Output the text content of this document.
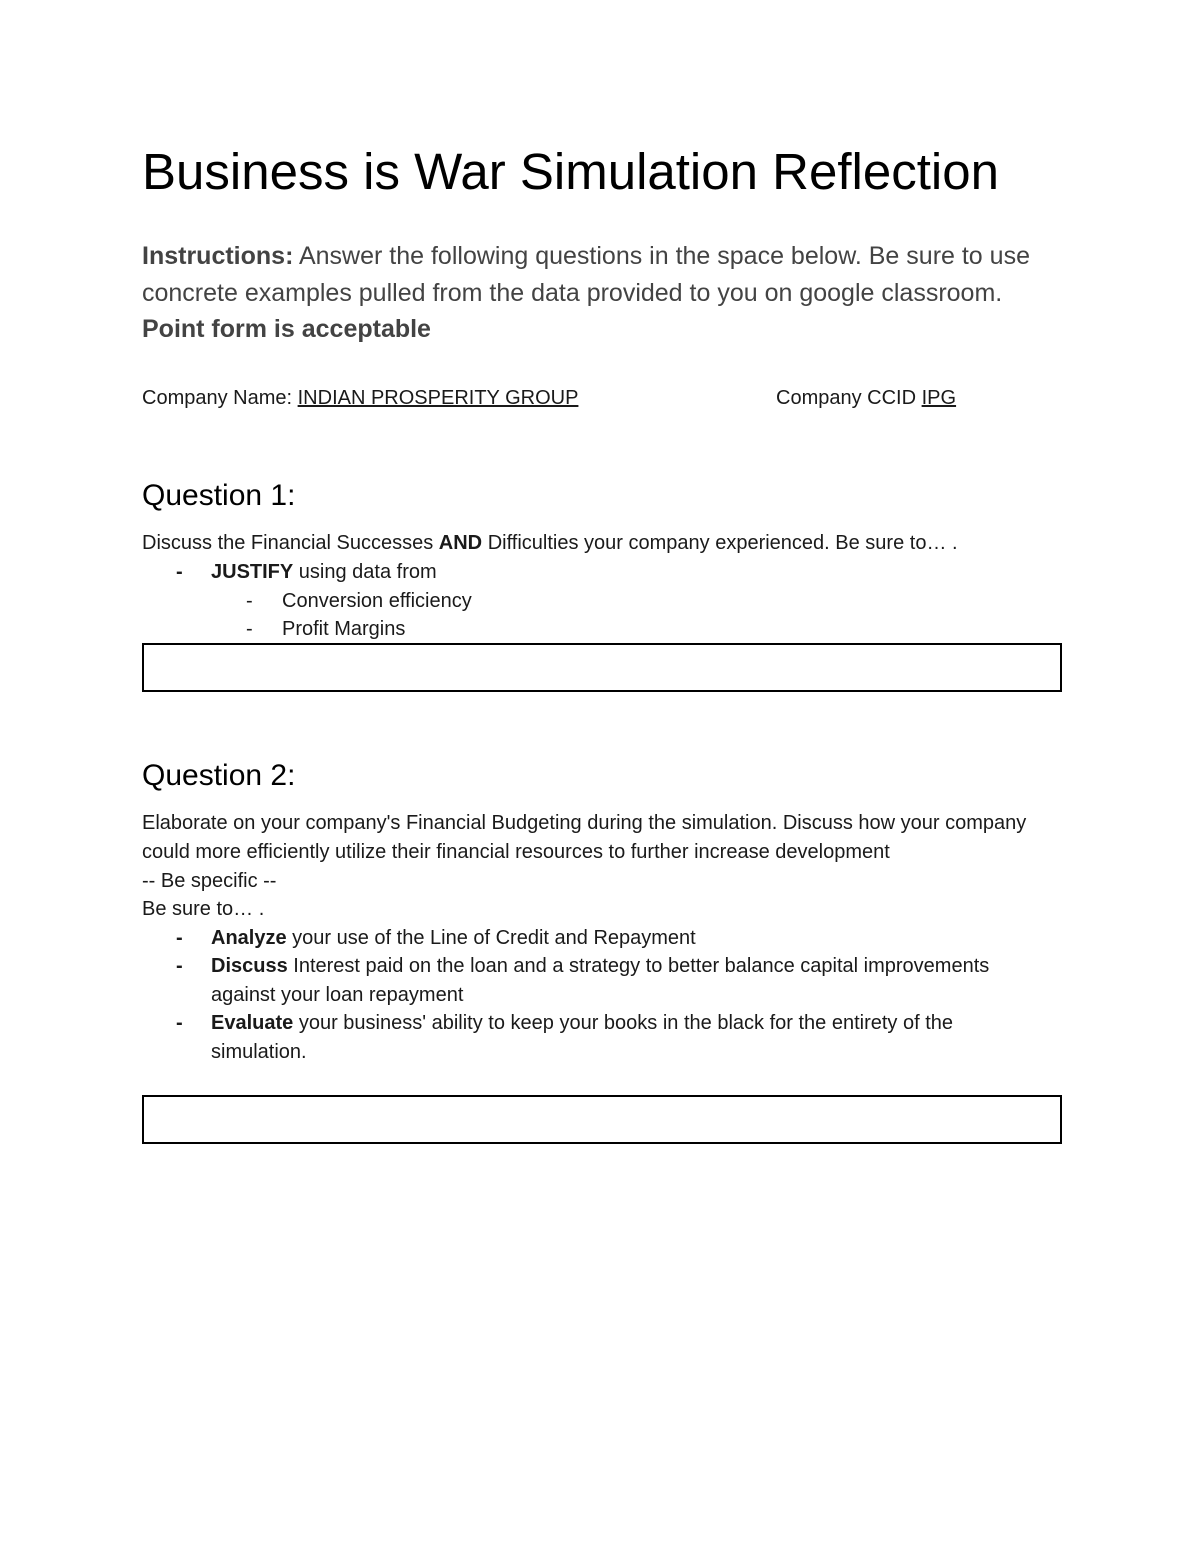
Business is War Simulation Reflection

Instructions: Answer the following questions in the space below. Be sure to use concrete examples pulled from the data provided to you on google classroom. Point form is acceptable

Company Name: INDIAN PROSPERITY GROUP	Company CCID IPG
Question 1:

Discuss the Financial Successes AND Difficulties your company experienced. Be sure to… .

- JUSTIFY using data from
- Conversion efficiency
- Profit Margins
Question 2:

Elaborate on your company's Financial Budgeting during the simulation. Discuss how your company could more efficiently utilize their financial resources to further increase development

-- Be specific --

Be sure to… .

- Analyze your use of the Line of Credit and Repayment
- Discuss Interest paid on the loan and a strategy to better balance capital improvements against your loan repayment
- Evaluate your business' ability to keep your books in the black for the entirety of the simulation.
